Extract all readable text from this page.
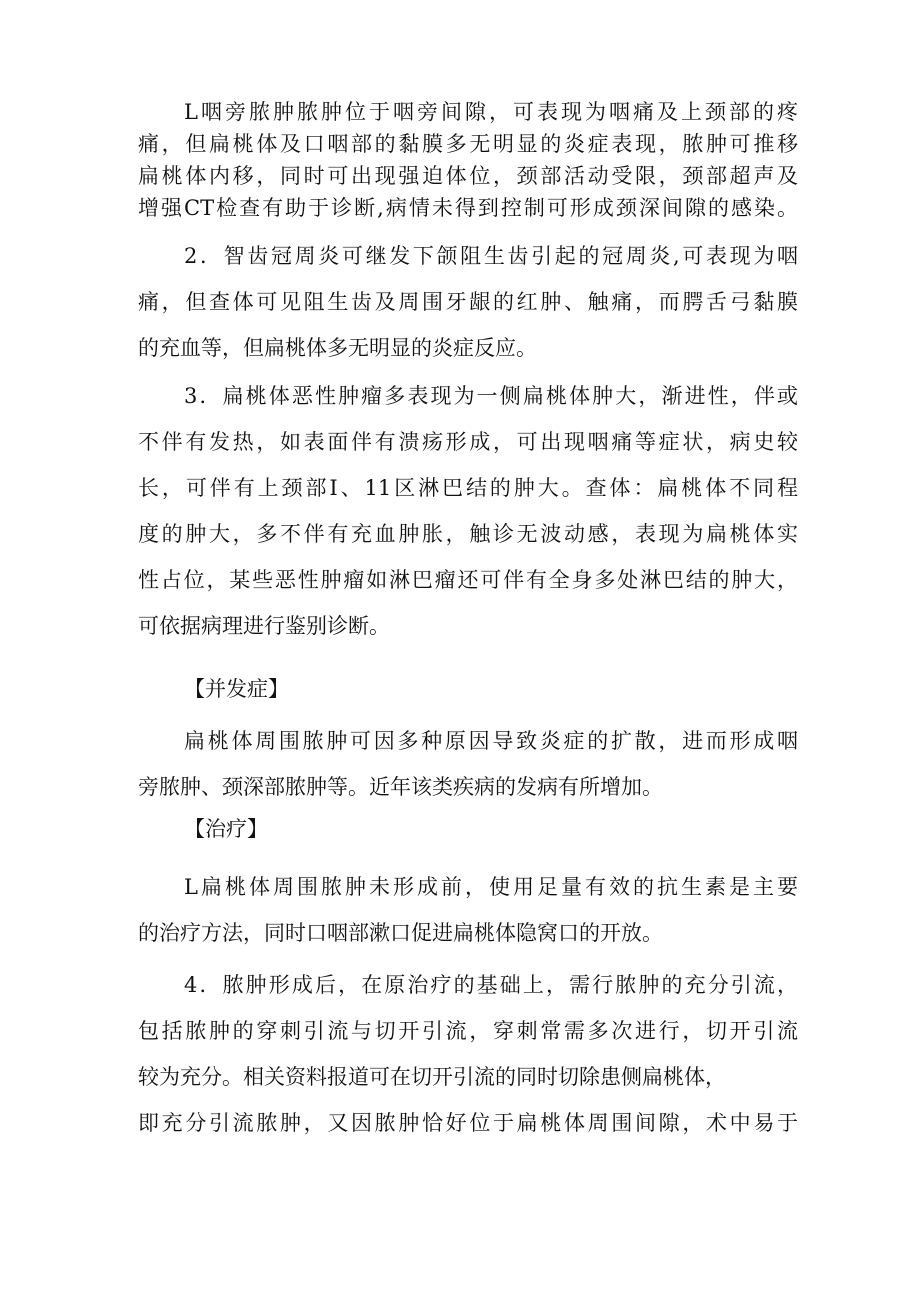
L咽旁脓肿脓肿位于咽旁间隙，可表现为咽痛及上颈部的疼
痛，但扁桃体及口咽部的黏膜多无明显的炎症表现，脓肿可推移
扁桃体内移，同时可出现强迫体位，颈部活动受限，颈部超声及
增强CT检查有助于诊断,病情未得到控制可形成颈深间隙的感染。
2．智齿冠周炎可继发下颌阻生齿引起的冠周炎,可表现为咽
痛，但查体可见阻生齿及周围牙龈的红肿、触痛，而腭舌弓黏膜
的充血等，但扁桃体多无明显的炎症反应。
3．扁桃体恶性肿瘤多表现为一侧扁桃体肿大，渐进性，伴或
不伴有发热，如表面伴有溃疡形成，可出现咽痛等症状，病史较
长，可伴有上颈部I、11区淋巴结的肿大。查体：扁桃体不同程
度的肿大，多不伴有充血肿胀，触诊无波动感，表现为扁桃体实
性占位，某些恶性肿瘤如淋巴瘤还可伴有全身多处淋巴结的肿大，
可依据病理进行鉴别诊断。
【并发症】
扁桃体周围脓肿可因多种原因导致炎症的扩散，进而形成咽
旁脓肿、颈深部脓肿等。近年该类疾病的发病有所增加。
【治疗】
L扁桃体周围脓肿未形成前，使用足量有效的抗生素是主要
的治疗方法，同时口咽部漱口促进扁桃体隐窝口的开放。
4．脓肿形成后，在原治疗的基础上，需行脓肿的充分引流，
包括脓肿的穿刺引流与切开引流，穿刺常需多次进行，切开引流
较为充分。相关资料报道可在切开引流的同时切除患侧扁桃体，
即充分引流脓肿，又因脓肿恰好位于扁桃体周围间隙，术中易于
